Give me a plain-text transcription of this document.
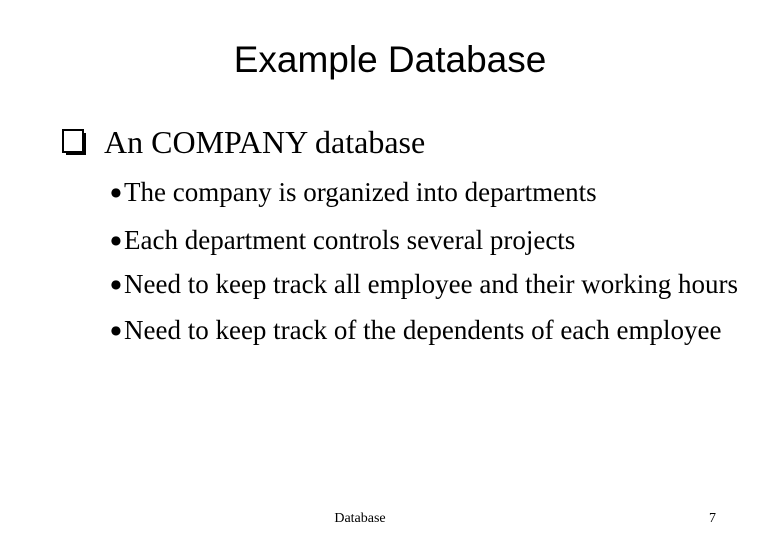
Example Database
An COMPANY database
● The company is organized into departments
● Each department controls several projects
● Need to keep track all employee and their working hours
● Need to keep track of the dependents of each employee
Database	7
